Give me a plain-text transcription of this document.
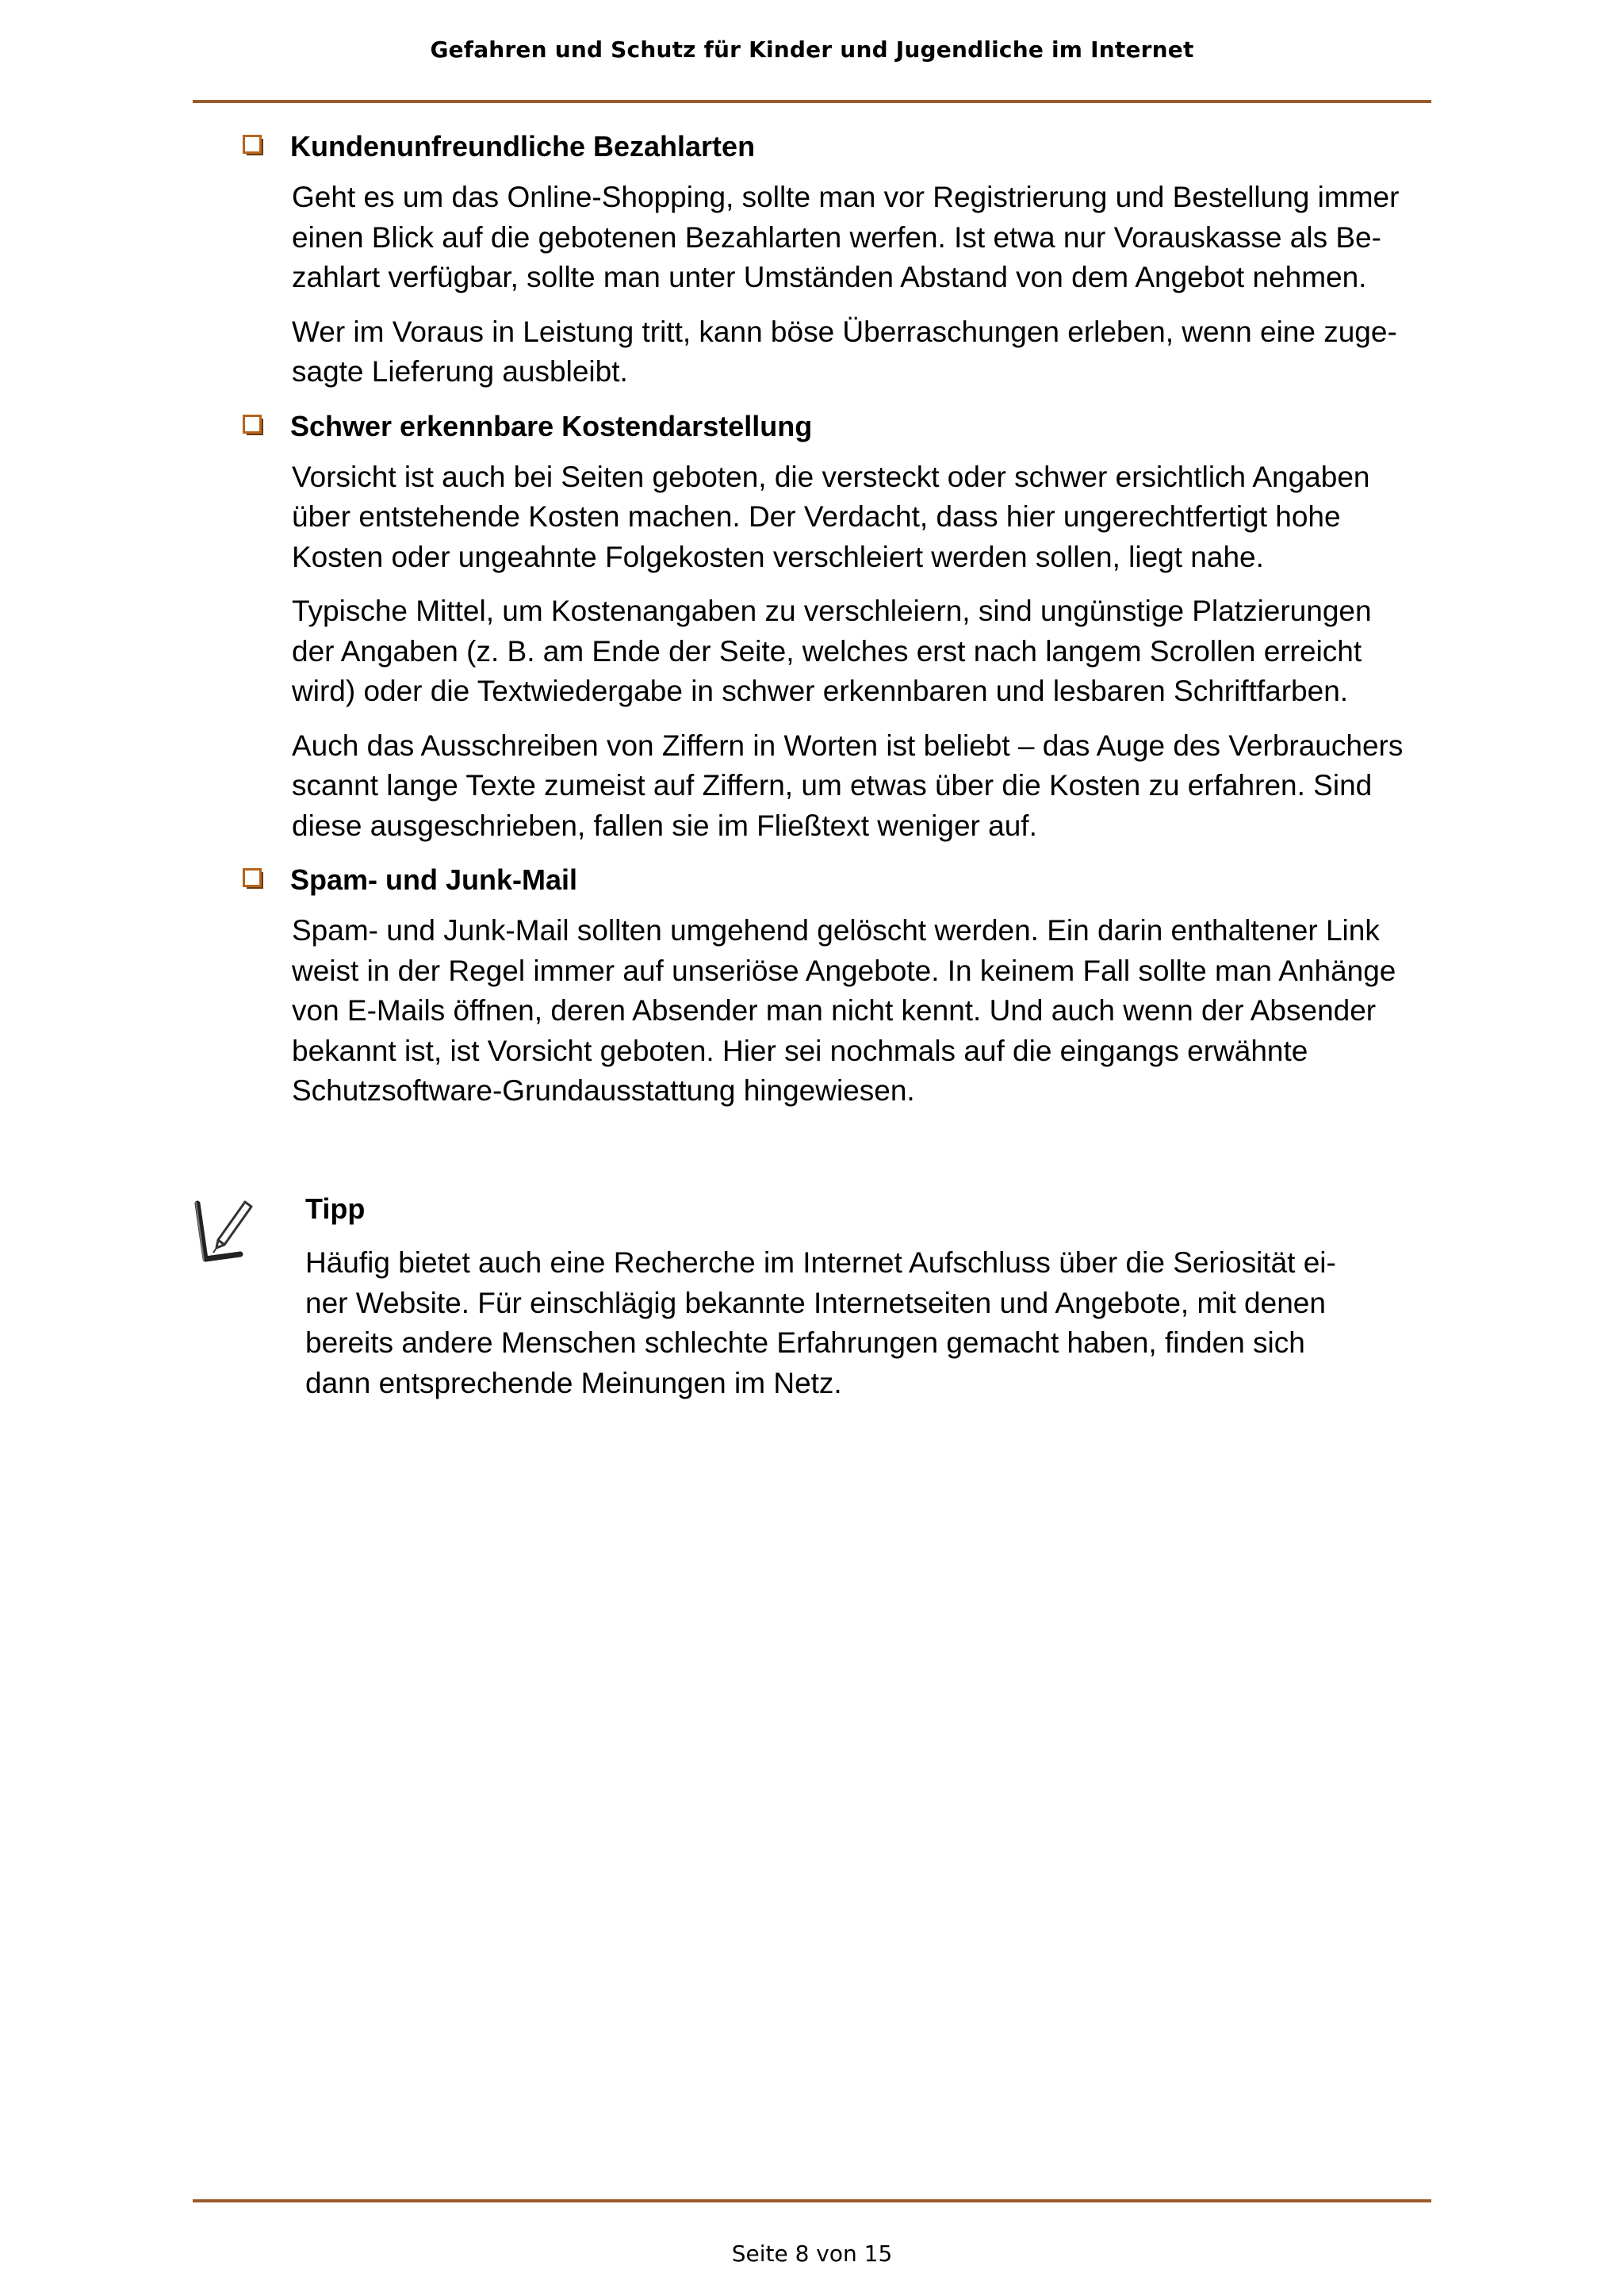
Gefahren und Schutz für Kinder und Jugendliche im Internet
Kundenunfreundliche Bezahlarten

Geht es um das Online-Shopping, sollte man vor Registrierung und Bestellung immer
einen Blick auf die gebotenen Bezahlarten werfen. Ist etwa nur Vorauskasse als Be-
zahlart verfügbar, sollte man unter Umständen Abstand von dem Angebot nehmen.

Wer im Voraus in Leistung tritt, kann böse Überraschungen erleben, wenn eine zuge-
sagte Lieferung ausbleibt.

Schwer erkennbare Kostendarstellung

Vorsicht ist auch bei Seiten geboten, die versteckt oder schwer ersichtlich Angaben
über entstehende Kosten machen. Der Verdacht, dass hier ungerechtfertigt hohe
Kosten oder ungeahnte Folgekosten verschleiert werden sollen, liegt nahe.

Typische Mittel, um Kostenangaben zu verschleiern, sind ungünstige Platzierungen
der Angaben (z. B. am Ende der Seite, welches erst nach langem Scrollen erreicht
wird) oder die Textwiedergabe in schwer erkennbaren und lesbaren Schriftfarben.

Auch das Ausschreiben von Ziffern in Worten ist beliebt – das Auge des Verbrauchers
scannt lange Texte zumeist auf Ziffern, um etwas über die Kosten zu erfahren. Sind
diese ausgeschrieben, fallen sie im Fließtext weniger auf.

Spam- und Junk-Mail

Spam- und Junk-Mail sollten umgehend gelöscht werden. Ein darin enthaltener Link
weist in der Regel immer auf unseriöse Angebote. In keinem Fall sollte man Anhänge
von E-Mails öffnen, deren Absender man nicht kennt. Und auch wenn der Absender
bekannt ist, ist Vorsicht geboten. Hier sei nochmals auf die eingangs erwähnte
Schutzsoftware-Grundausstattung hingewiesen.

Tipp
Häufig bietet auch eine Recherche im Internet Aufschluss über die Seriosität ei-
ner Website. Für einschlägig bekannte Internetseiten und Angebote, mit denen
bereits andere Menschen schlechte Erfahrungen gemacht haben, finden sich
dann entsprechende Meinungen im Netz.
Seite 8 von 15
